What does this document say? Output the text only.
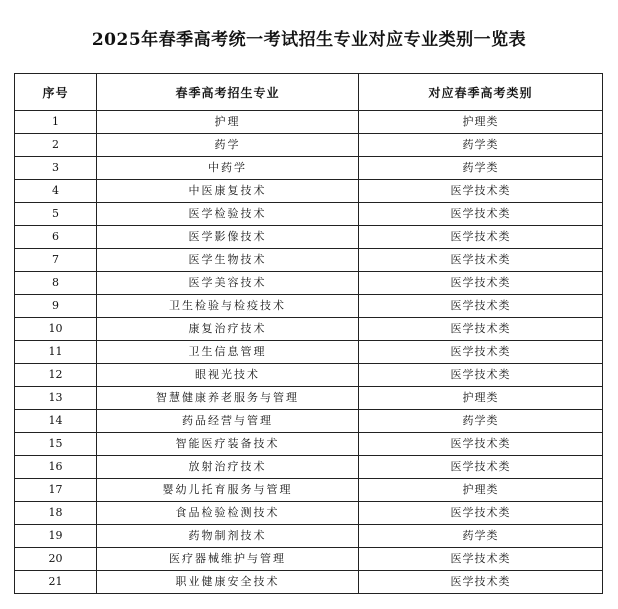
2025年春季高考统一考试招生专业对应专业类别一览表
序号	春季高考招生专业	对应春季高考类别
1	护理	护理类
2	药学	药学类
3	中药学	药学类
4	中医康复技术	医学技术类
5	医学检验技术	医学技术类
6	医学影像技术	医学技术类
7	医学生物技术	医学技术类
8	医学美容技术	医学技术类
9	卫生检验与检疫技术	医学技术类
10	康复治疗技术	医学技术类
11	卫生信息管理	医学技术类
12	眼视光技术	医学技术类
13	智慧健康养老服务与管理	护理类
14	药品经营与管理	药学类
15	智能医疗装备技术	医学技术类
16	放射治疗技术	医学技术类
17	婴幼儿托育服务与管理	护理类
18	食品检验检测技术	医学技术类
19	药物制剂技术	药学类
20	医疗器械维护与管理	医学技术类
21	职业健康安全技术	医学技术类
